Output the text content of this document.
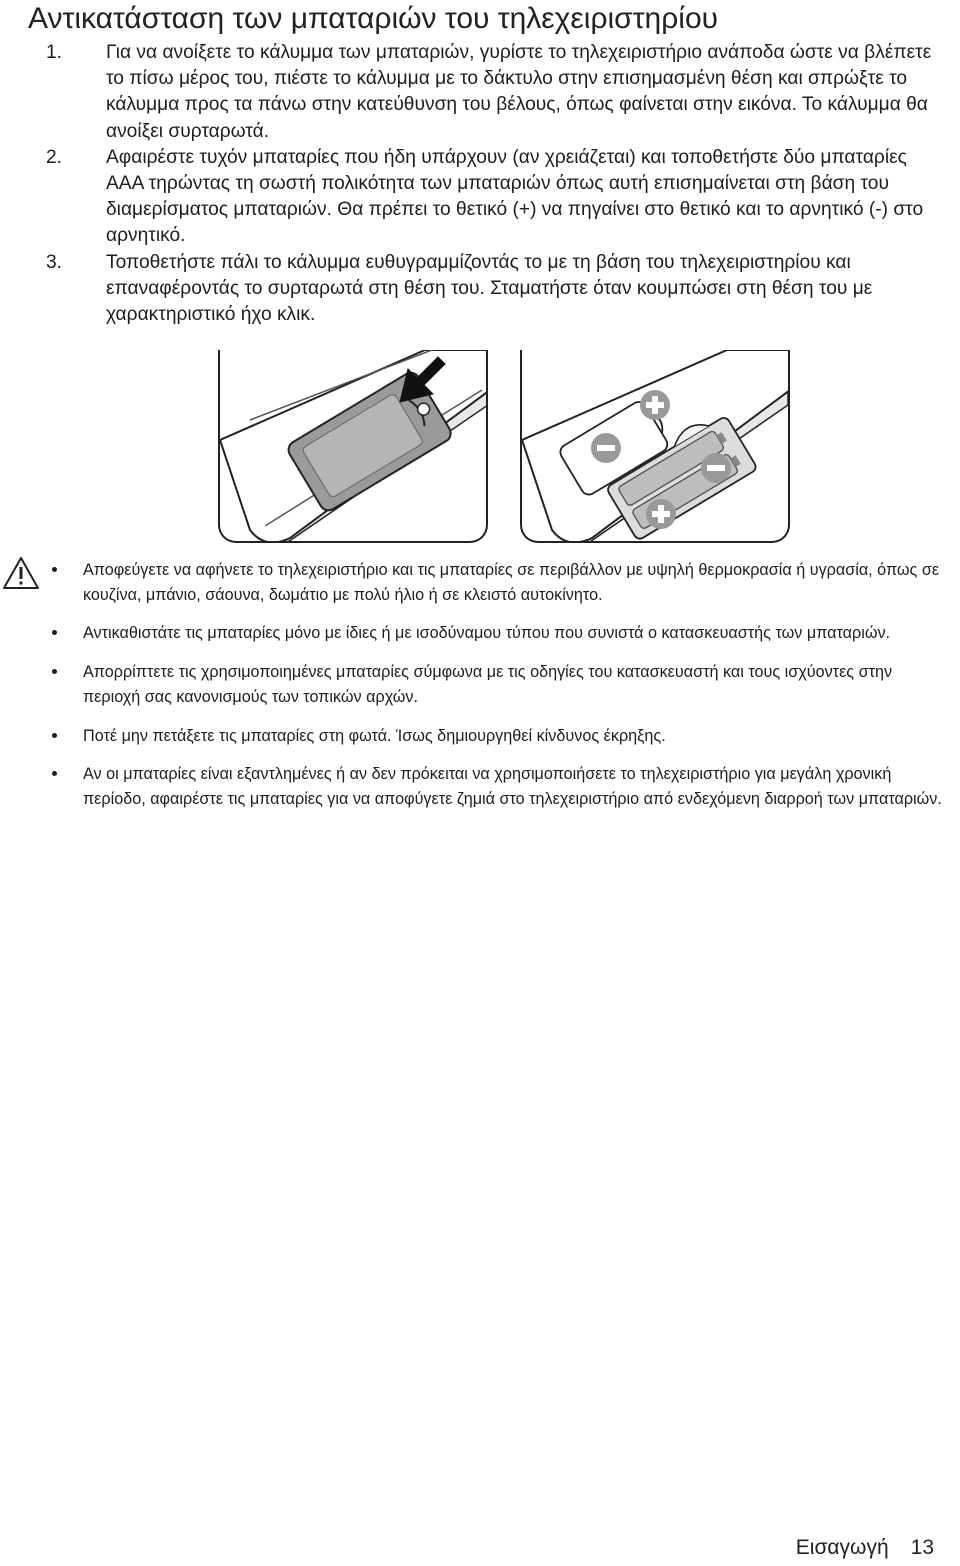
Αντικατάσταση των μπαταριών του τηλεχειριστηρίου
1. Για να ανοίξετε το κάλυμμα των μπαταριών, γυρίστε το τηλεχειριστήριο ανάποδα ώστε να βλέπετε το πίσω μέρος του, πιέστε το κάλυμμα με το δάκτυλο στην επισημασμένη θέση και σπρώξτε το κάλυμμα προς τα πάνω στην κατεύθυνση του βέλους, όπως φαίνεται στην εικόνα. Το κάλυμμα θα ανοίξει συρταρωτά.
2. Αφαιρέστε τυχόν μπαταρίες που ήδη υπάρχουν (αν χρειάζεται) και τοποθετήστε δύο μπαταρίες ΑΑΑ τηρώντας τη σωστή πολικότητα των μπαταριών όπως αυτή επισημαίνεται στη βάση του διαμερίσματος μπαταριών. Θα πρέπει το θετικό (+) να πηγαίνει στο θετικό και το αρνητικό (-) στο αρνητικό.
3. Τοποθετήστε πάλι το κάλυμμα ευθυγραμμίζοντάς το με τη βάση του τηλεχειριστηρίου και επαναφέροντάς το συρταρωτά στη θέση του. Σταματήστε όταν κουμπώσει στη θέση του με χαρακτηριστικό ήχο κλικ.
Αποφεύγετε να αφήνετε το τηλεχειριστήριο και τις μπαταρίες σε περιβάλλον με υψηλή θερμοκρασία ή υγρασία, όπως σε κουζίνα, μπάνιο, σάουνα, δωμάτιο με πολύ ήλιο ή σε κλειστό αυτοκίνητο.
Αντικαθιστάτε τις μπαταρίες μόνο με ίδιες ή με ισοδύναμου τύπου που συνιστά ο κατασκευαστής των μπαταριών.
Απορρίπτετε τις χρησιμοποιημένες μπαταρίες σύμφωνα με τις οδηγίες του κατασκευαστή και τους ισχύοντες στην περιοχή σας κανονισμούς των τοπικών αρχών.
Ποτέ μην πετάξετε τις μπαταρίες στη φωτά. Ίσως δημιουργηθεί κίνδυνος έκρηξης.
Αν οι μπαταρίες είναι εξαντλημένες ή αν δεν πρόκειται να χρησιμοποιήσετε το τηλεχειριστήριο για μεγάλη χρονική περίοδο, αφαιρέστε τις μπαταρίες για να αποφύγετε ζημιά στο τηλεχειριστήριο από ενδεχόμενη διαρροή των μπαταριών.
Εισαγωγή 13
